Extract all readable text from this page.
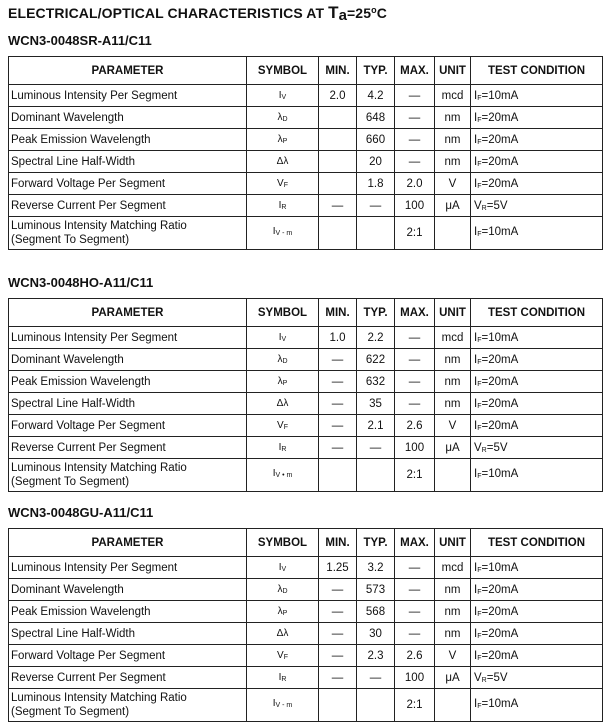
ELECTRICAL/OPTICAL CHARACTERISTICS AT $Ta=25^oC$
WCN3-0048SR-A11/C11
PARAMETER	SYMBOL	MIN.	TYP.	MAX.	UNIT	TEST CONDITION

Luminous Intensity Per Segment	$I_V$	2.0	4.2	—	mcd	$I_F=10mA$

Dominant Wavelength	$\lambda_D$		648	—	nm	$I_F=20mA$

Peak Emission Wavelength	$\lambda_P$		660	—	nm	$I_F=20mA$

Spectral Line Half-Width	Δλ		20	—	nm	$I_F=20mA$

Forward Voltage Per Segment	$V_F$		1.8	2.0	V	$I_F=20mA$

Reverse Current Per Segment	$I_R$	—	—	100	μA	$V_R=5V$

Luminous Intensity Matching Ratio
(Segment To Segment)	$I_{V - m}$			2:1		$I_F=10mA$
WCN3-0048HO-A11/C11
PARAMETER	SYMBOL	MIN.	TYP.	MAX.	UNIT	TEST CONDITION

Luminous Intensity Per Segment	$I_V$	1.0	2.2	—	mcd	$I_F=10mA$

Dominant Wavelength	$\lambda_D$	—	622	—	nm	$I_F=20mA$

Peak Emission Wavelength	$\lambda_P$	—	632	—	nm	$I_F=20mA$

Spectral Line Half-Width	Δλ	—	35	—	nm	$I_F=20mA$

Forward Voltage Per Segment	$V_F$	—	2.1	2.6	V	$I_F=20mA$

Reverse Current Per Segment	$I_R$	—	—	100	μA	$V_R=5V$

Luminous Intensity Matching Ratio
(Segment To Segment)	$I_{V • m}$			2:1		$I_F=10mA$
WCN3-0048GU-A11/C11
PARAMETER	SYMBOL	MIN.	TYP.	MAX.	UNIT	TEST CONDITION

Luminous Intensity Per Segment	$I_V$	1.25	3.2	—	mcd	$I_F=10mA$

Dominant Wavelength	$\lambda_D$	—	573	—	nm	$I_F=20mA$

Peak Emission Wavelength	$\lambda_P$	—	568	—	nm	$I_F=20mA$

Spectral Line Half-Width	Δλ	—	30	—	nm	$I_F=20mA$

Forward Voltage Per Segment	$V_F$	—	2.3	2.6	V	$I_F=20mA$

Reverse Current Per Segment	$I_R$	—	—	100	μA	$V_R=5V$

Luminous Intensity Matching Ratio
(Segment To Segment)	$I_{V - m}$			2:1		$I_F=10mA$
